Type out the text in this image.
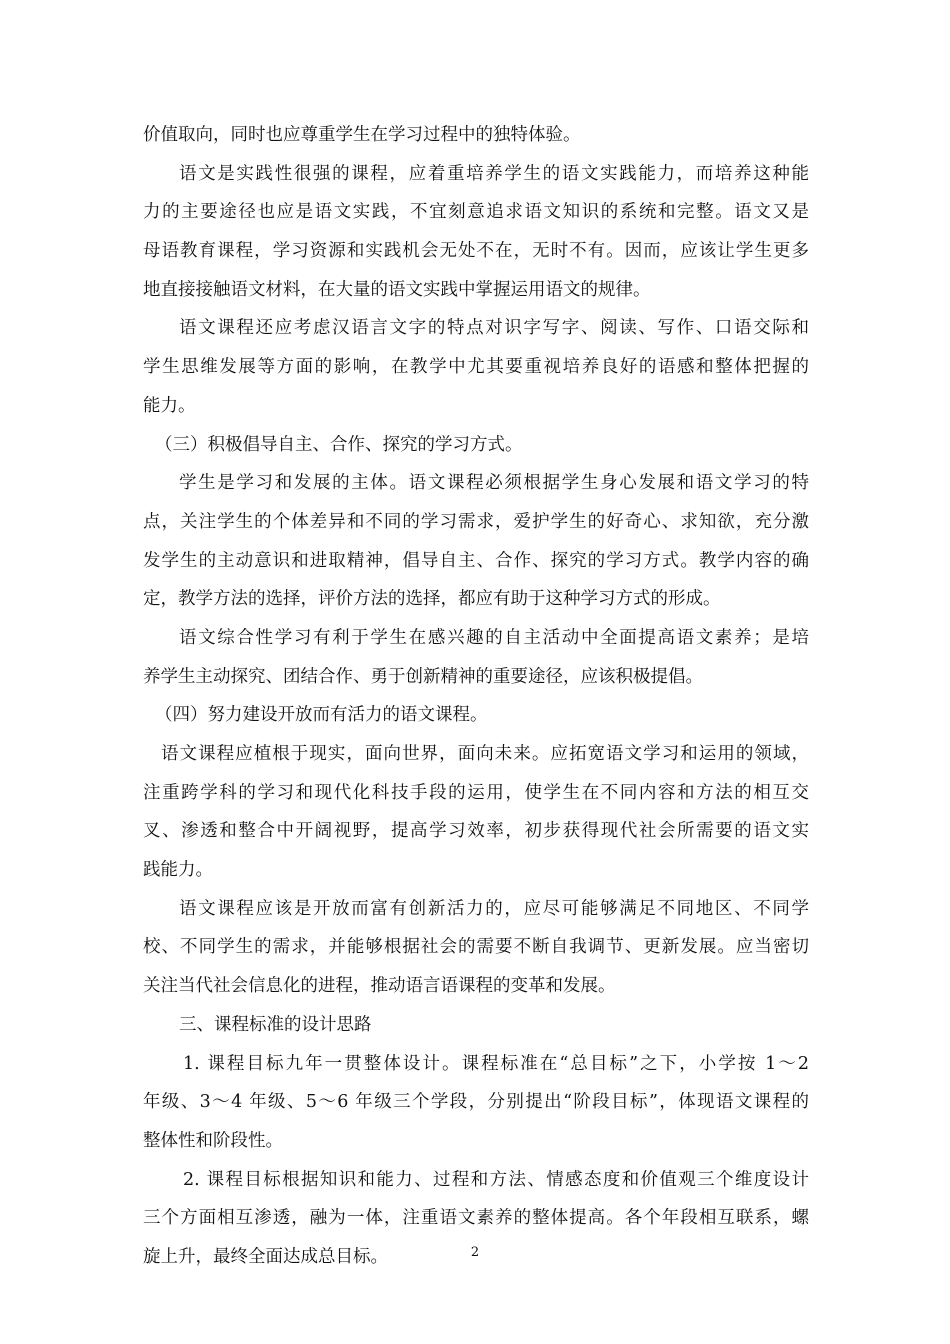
价值取向，同时也应尊重学生在学习过程中的独特体验。
语文是实践性很强的课程，应着重培养学生的语文实践能力，而培养这种能
力的主要途径也应是语文实践，不宜刻意追求语文知识的系统和完整。语文又是
母语教育课程，学习资源和实践机会无处不在，无时不有。因而，应该让学生更多
地直接接触语文材料，在大量的语文实践中掌握运用语文的规律。
语文课程还应考虑汉语言文字的特点对识字写字、阅读、写作、口语交际和
学生思维发展等方面的影响，在教学中尤其要重视培养良好的语感和整体把握的
能力。
（三）积极倡导自主、合作、探究的学习方式。
学生是学习和发展的主体。语文课程必须根据学生身心发展和语文学习的特
点，关注学生的个体差异和不同的学习需求，爱护学生的好奇心、求知欲，充分激
发学生的主动意识和进取精神，倡导自主、合作、探究的学习方式。教学内容的确
定，教学方法的选择，评价方法的选择，都应有助于这种学习方式的形成。
语文综合性学习有利于学生在感兴趣的自主活动中全面提高语文素养；是培
养学生主动探究、团结合作、勇于创新精神的重要途径，应该积极提倡。
（四）努力建设开放而有活力的语文课程。
语文课程应植根于现实，面向世界，面向未来。应拓宽语文学习和运用的领域，
注重跨学科的学习和现代化科技手段的运用，使学生在不同内容和方法的相互交
叉、渗透和整合中开阔视野，提高学习效率，初步获得现代社会所需要的语文实
践能力。
语文课程应该是开放而富有创新活力的，应尽可能够满足不同地区、不同学
校、不同学生的需求，并能够根据社会的需要不断自我调节、更新发展。应当密切
关注当代社会信息化的进程，推动语言语课程的变革和发展。
三、课程标准的设计思路
1. 课程目标九年一贯整体设计。课程标准在“总目标”之下，小学按 1～2
年级、3～4 年级、5～6 年级三个学段，分别提出“阶段目标”，体现语文课程的
整体性和阶段性。
2. 课程目标根据知识和能力、过程和方法、情感态度和价值观三个维度设计
三个方面相互渗透，融为一体，注重语文素养的整体提高。各个年段相互联系，螺
旋上升，最终全面达成总目标。	2
